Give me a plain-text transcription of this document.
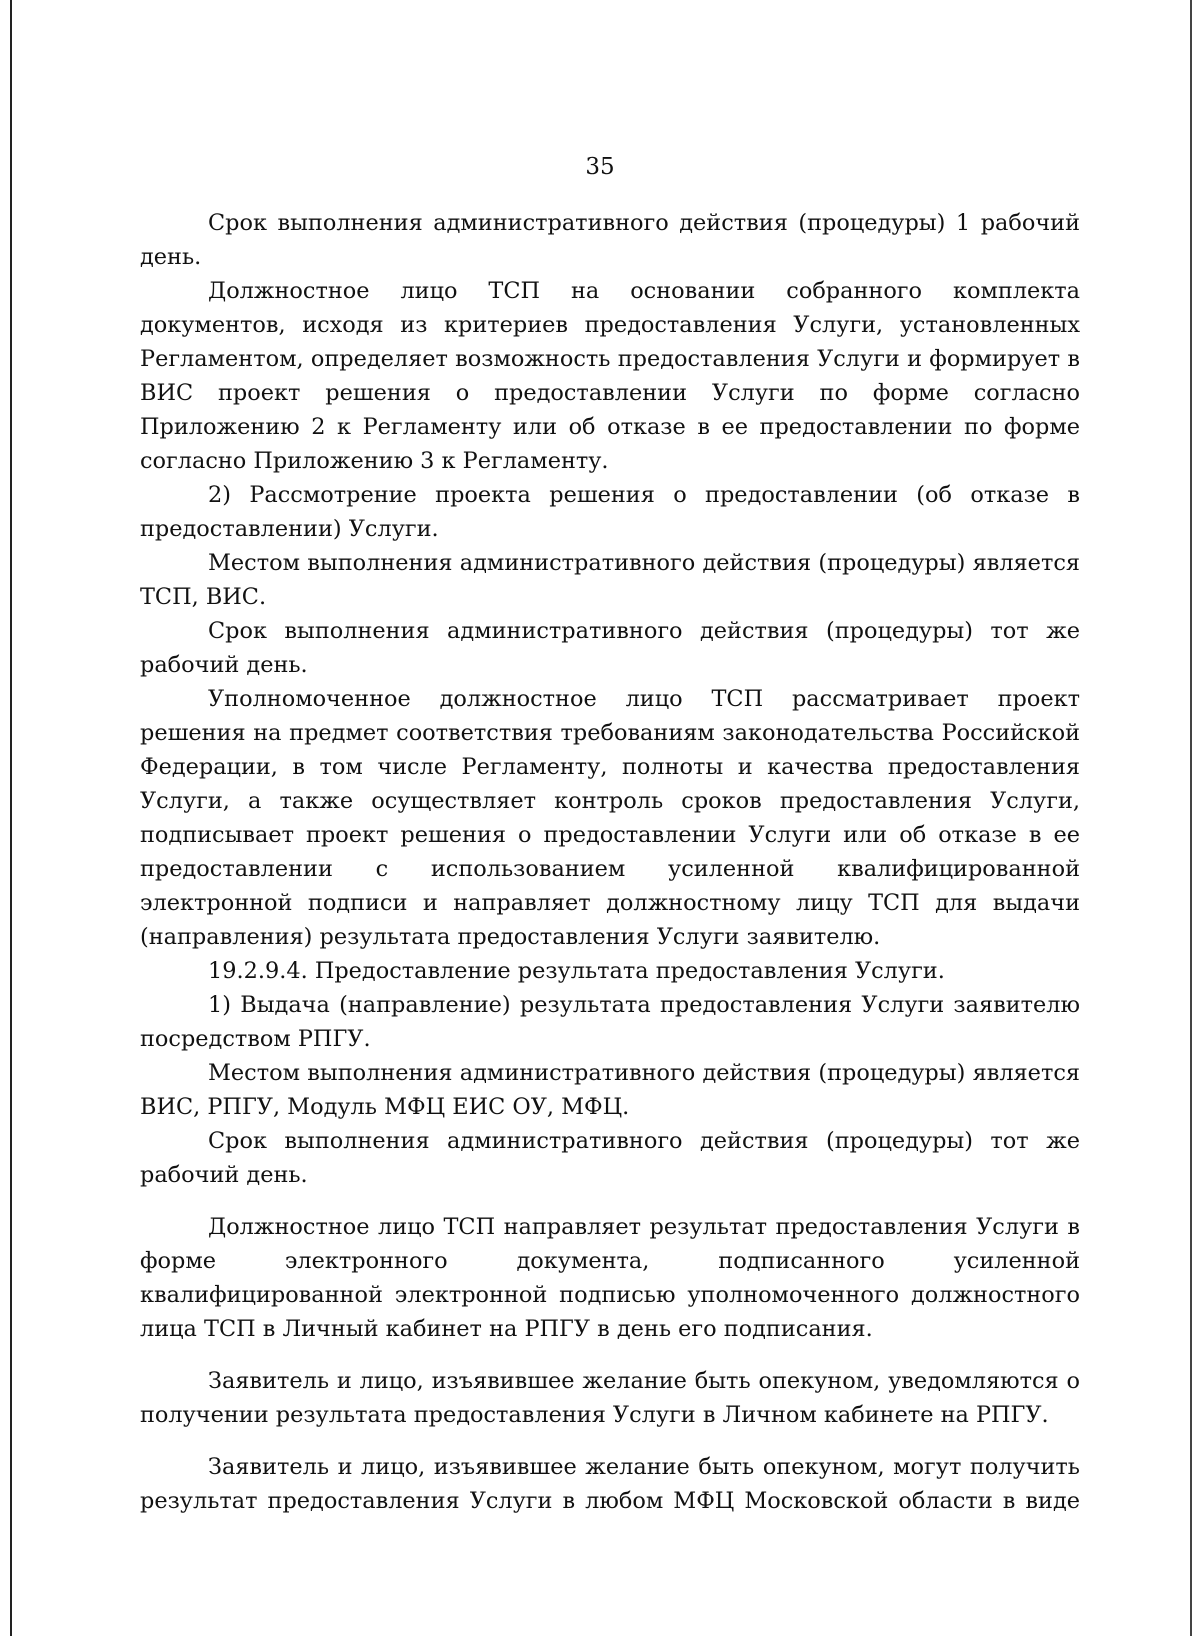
35

Срок выполнения административного действия (процедуры) 1 рабочий день.

Должностное лицо ТСП на основании собранного комплекта документов, исходя из критериев предоставления Услуги, установленных Регламентом, определяет возможность предоставления Услуги и формирует в ВИС проект решения о предоставлении Услуги по форме согласно Приложению 2 к Регламенту или об отказе в ее предоставлении по форме согласно Приложению 3 к Регламенту.

2) Рассмотрение проекта решения о предоставлении (об отказе в предоставлении) Услуги.

Местом выполнения административного действия (процедуры) является ТСП, ВИС.

Срок выполнения административного действия (процедуры) тот же рабочий день.

Уполномоченное должностное лицо ТСП рассматривает проект решения на предмет соответствия требованиям законодательства Российской Федерации, в том числе Регламенту, полноты и качества предоставления Услуги, а также осуществляет контроль сроков предоставления Услуги, подписывает проект решения о предоставлении Услуги или об отказе в ее предоставлении с использованием усиленной квалифицированной электронной подписи и направляет должностному лицу ТСП для выдачи (направления) результата предоставления Услуги заявителю.

19.2.9.4. Предоставление результата предоставления Услуги.

1) Выдача (направление) результата предоставления Услуги заявителю посредством РПГУ.

Местом выполнения административного действия (процедуры) является ВИС, РПГУ, Модуль МФЦ ЕИС ОУ, МФЦ.

Срок выполнения административного действия (процедуры) тот же рабочий день.

Должностное лицо ТСП направляет результат предоставления Услуги в форме электронного документа, подписанного усиленной квалифицированной электронной подписью уполномоченного должностного лица ТСП в Личный кабинет на РПГУ в день его подписания.

Заявитель и лицо, изъявившее желание быть опекуном, уведомляются о получении результата предоставления Услуги в Личном кабинете на РПГУ.

Заявитель и лицо, изъявившее желание быть опекуном, могут получить результат предоставления Услуги в любом МФЦ Московской области в виде
